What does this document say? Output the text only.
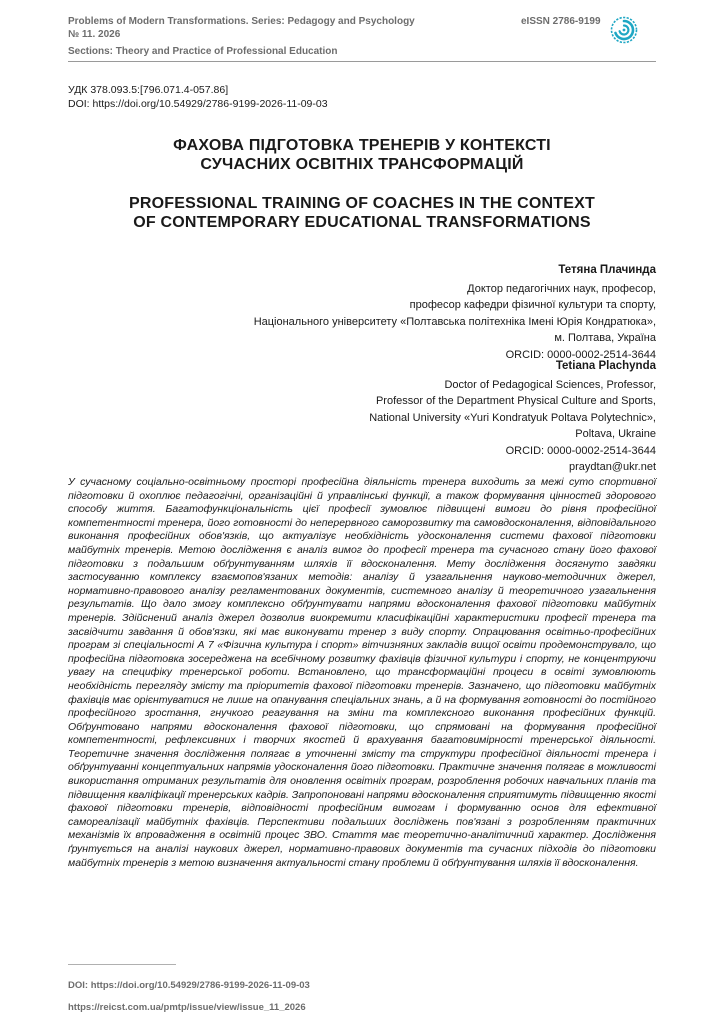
Problems of Modern Transformations. Series: Pedagogy and Psychology
№ 11. 2026
Sections: Theory and Practice of Professional Education
eISSN 2786-9199
УДК 378.093.5:[796.071.4-057.86]
DOI: https://doi.org/10.54929/2786-9199-2026-11-09-03
ФАХОВА ПІДГОТОВКА ТРЕНЕРІВ У КОНТЕКСТІ
СУЧАСНИХ ОСВІТНІХ ТРАНСФОРМАЦІЙ
PROFESSIONAL TRAINING OF COACHES IN THE CONTEXT
OF CONTEMPORARY EDUCATIONAL TRANSFORMATIONS
Тетяна Плачинда
Доктор педагогічних наук, професор,
професор кафедри фізичної культури та спорту,
Національного університету «Полтавська політехніка Імені Юрія Кондратюка»,
м. Полтава, Україна
ORCID: 0000-0002-2514-3644
Tetiana Plachynda
Doctor of Pedagogical Sciences, Professor,
Professor of the Department Physical Culture and Sports,
National University «Yuri Kondratyuk Poltava Polytechnic»,
Poltava, Ukraine
ORCID: 0000-0002-2514-3644
praydtan@ukr.net
У сучасному соціально-освітньому просторі професійна діяльність тренера виходить за межі суто спортивної підготовки й охоплює педагогічні, організаційні й управлінські функції, а також формування цінностей здорового способу життя. Багатофункціональність цієї професії зумовлює підвищені вимоги до рівня професійної компетентності тренера, його готовності до неперервного саморозвитку та самовдосконалення, відповідального виконання професійних обов'язків, що актуалізує необхідність удосконалення системи фахової підготовки майбутніх тренерів. Метою дослідження є аналіз вимог до професії тренера та сучасного стану його фахової підготовки з подальшим обґрунтуванням шляхів її вдосконалення. Мету дослідження досягнуто завдяки застосуванню комплексу взаємопов'язаних методів: аналізу й узагальнення науково-методичних джерел, нормативно-правового аналізу регламентованих документів, системного аналізу й теоретичного узагальнення результатів. Що дало змогу комплексно обґрунтувати напрями вдосконалення фахової підготовки майбутніх тренерів. Здійснений аналіз джерел дозволив виокремити класифікаційні характеристики професії тренера та засвідчити завдання й обов'язки, які має виконувати тренер з виду спорту. Опрацювання освітньо-професійних програм зі спеціальності А 7 «Фізична культура і спорт» вітчизняних закладів вищої освіти продемонструвало, що професійна підготовка зосереджена на всебічному розвитку фахівців фізичної культури і спорту, не концентруючи увагу на специфіку тренерської роботи. Встановлено, що трансформаційні процеси в освіті зумовлюють необхідність перегляду змісту та пріоритетів фахової підготовки тренерів. Зазначено, що підготовки майбутніх фахівців має орієнтуватися не лише на опанування спеціальних знань, а й на формування готовності до постійного професійного зростання, гнучкого реагування на зміни та комплексного виконання професійних функцій. Обґрунтовано напрями вдосконалення фахової підготовки, що спрямовані на формування професійної компетентності, рефлексивних і творчих якостей й врахування багатовимірності тренерської діяльності. Теоретичне значення дослідження полягає в уточненні змісту та структури професійної діяльності тренера і обґрунтуванні концептуальних напрямів удосконалення його підготовки. Практичне значення полягає в можливості використання отриманих результатів для оновлення освітніх програм, розроблення робочих навчальних планів та підвищення кваліфікації тренерських кадрів. Запропоновані напрями вдосконалення сприятимуть підвищенню якості фахової підготовки тренерів, відповідності професійним вимогам і формуванню основ для ефективної самореалізації майбутніх фахівців. Перспективи подальших досліджень пов'язані з розробленням практичних механізмів їх впровадження в освітній процес ЗВО. Стаття має теоретично-аналітичний характер. Дослідження ґрунтується на аналізі наукових джерел, нормативно-правових документів та сучасних підходів до підготовки майбутніх тренерів з метою визначення актуальності стану проблеми й обґрунтування шляхів її вдосконалення.
DOI: https://doi.org/10.54929/2786-9199-2026-11-09-03
https://reicst.com.ua/pmtp/issue/view/issue_11_2026
